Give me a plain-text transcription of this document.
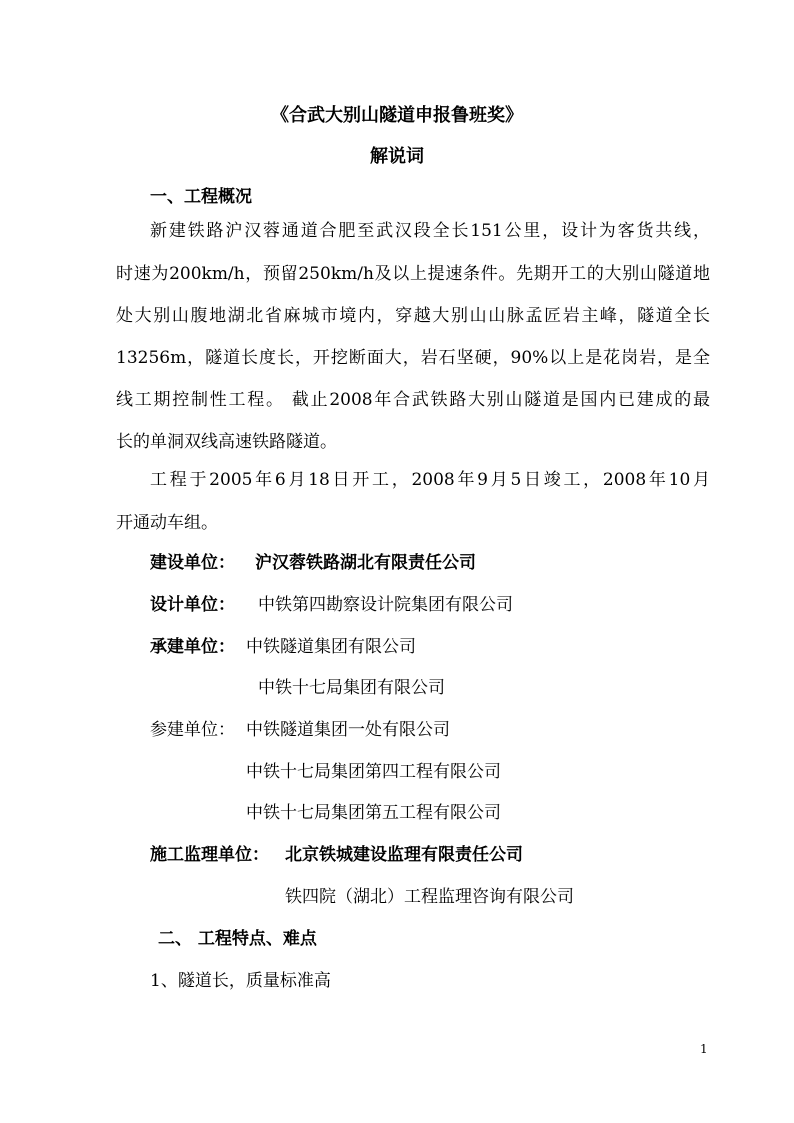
《合武大别山隧道申报鲁班奖》
解说词
一、工程概况
新建铁路沪汉蓉通道合肥至武汉段全长151公里，设计为客货共线，
时速为200km/h，预留250km/h及以上提速条件。先期开工的大别山隧道地
处大别山腹地湖北省麻城市境内，穿越大别山山脉孟匠岩主峰，隧道全长
13256m，隧道长度长，开挖断面大，岩石坚硬，90%以上是花岗岩，是全
线工期控制性工程。 截止2008年合武铁路大别山隧道是国内已建成的最
长的单洞双线高速铁路隧道。
工程于2005年6月18日开工，2008年9月5日竣工，2008年10月
开通动车组。
建设单位： 沪汉蓉铁路湖北有限责任公司
设计单位： 中铁第四勘察设计院集团有限公司
承建单位： 中铁隧道集团有限公司
中铁十七局集团有限公司
参建单位： 中铁隧道集团一处有限公司
中铁十七局集团第四工程有限公司
中铁十七局集团第五工程有限公司
施工监理单位： 北京铁城建设监理有限责任公司
铁四院（湖北）工程监理咨询有限公司
二、 工程特点、难点
1、隧道长，质量标准高
1
